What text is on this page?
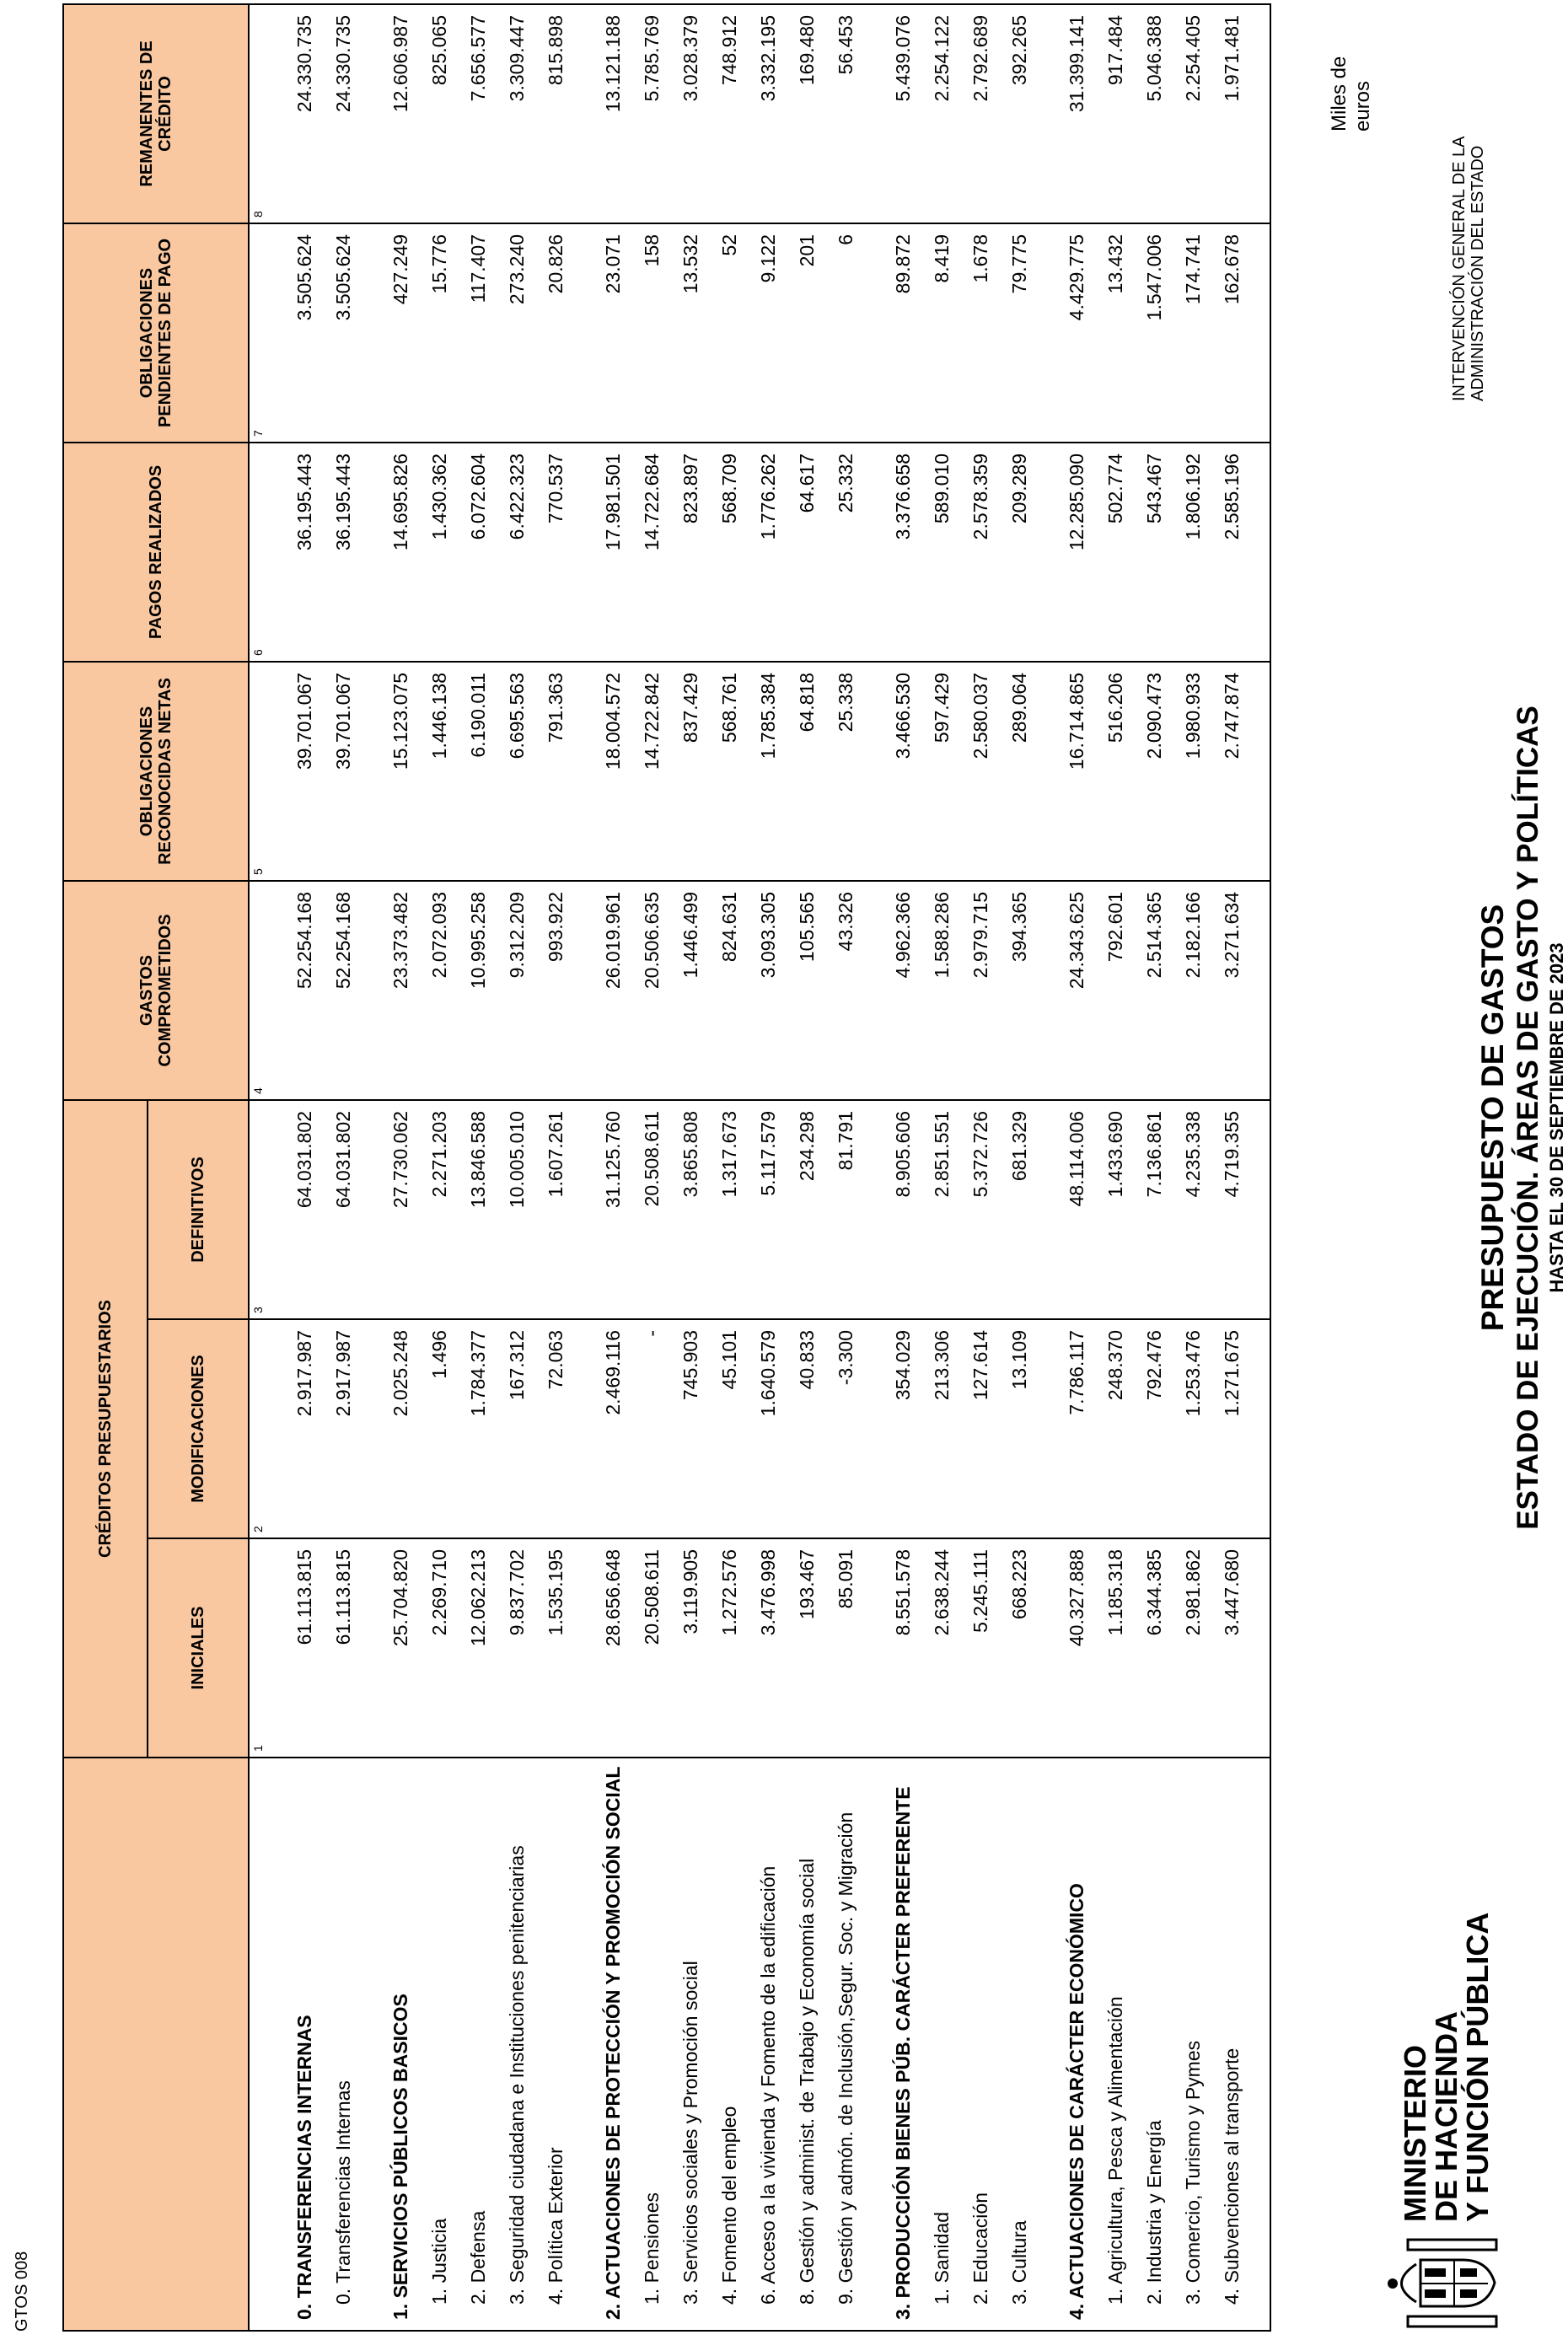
MINISTERIO
DE HACIENDA
Y FUNCIÓN PÚBLICA
PRESUPUESTO DE GASTOS ESTADO DE EJECUCIÓN. ÁREAS DE GASTO Y POLÍTICAS HASTA EL 30 DE SEPTIEMBRE DE 2023
INTERVENCIÓN GENERAL DE LA ADMINISTRACIÓN DEL ESTADO
Miles de euros
GTOS 008
	CRÉDITOS PRESUPUESTARIOS			GASTOS COMPROMETIDOS	OBLIGACIONES RECONOCIDAS NETAS	PAGOS REALIZADOS	OBLIGACIONES PENDIENTES DE PAGO	REMANENTES DE CRÉDITO
	INICIALES	MODIFICACIONES	DEFINITIVOS					
	1	2	3	4	5	6	7	8

0. TRANSFERENCIAS INTERNAS	61.113.815	2.917.987	64.031.802	52.254.168	39.701.067	36.195.443	3.505.624	24.330.735
0. Transferencias Internas	61.113.815	2.917.987	64.031.802	52.254.168	39.701.067	36.195.443	3.505.624	24.330.735

1. SERVICIOS PÚBLICOS BASICOS	25.704.820	2.025.248	27.730.062	23.373.482	15.123.075	14.695.826	427.249	12.606.987
1. Justicia	2.269.710	1.496	2.271.203	2.072.093	1.446.138	1.430.362	15.776	825.065
2. Defensa	12.062.213	1.784.377	13.846.588	10.995.258	6.190.011	6.072.604	117.407	7.656.577
3. Seguridad ciudadana e Instituciones penitenciarias	9.837.702	167.312	10.005.010	9.312.209	6.695.563	6.422.323	273.240	3.309.447
4. Política Exterior	1.535.195	72.063	1.607.261	993.922	791.363	770.537	20.826	815.898

2. ACTUACIONES DE PROTECCIÓN Y PROMOCIÓN SOCIAL	28.656.648	2.469.116	31.125.760	26.019.961	18.004.572	17.981.501	23.071	13.121.188
1. Pensiones	20.508.611	-	20.508.611	20.506.635	14.722.842	14.722.684	158	5.785.769
3. Servicios sociales y Promoción social	3.119.905	745.903	3.865.808	1.446.499	837.429	823.897	13.532	3.028.379
4. Fomento del empleo	1.272.576	45.101	1.317.673	824.631	568.761	568.709	52	748.912
6. Acceso a la vivienda y Fomento de la edificación	3.476.998	1.640.579	5.117.579	3.093.305	1.785.384	1.776.262	9.122	3.332.195
8. Gestión y administ. de Trabajo y Economía social	193.467	40.833	234.298	105.565	64.818	64.617	201	169.480
9. Gestión y admón. de Inclusión,Segur. Soc. y Migración	85.091	-3.300	81.791	43.326	25.338	25.332	6	56.453

3. PRODUCCIÓN BIENES PÚB. CARÁCTER PREFERENTE	8.551.578	354.029	8.905.606	4.962.366	3.466.530	3.376.658	89.872	5.439.076
1. Sanidad	2.638.244	213.306	2.851.551	1.588.286	597.429	589.010	8.419	2.254.122
2. Educación	5.245.111	127.614	5.372.726	2.979.715	2.580.037	2.578.359	1.678	2.792.689
3. Cultura	668.223	13.109	681.329	394.365	289.064	209.289	79.775	392.265

4. ACTUACIONES DE CARÁCTER ECONÓMICO	40.327.888	7.786.117	48.114.006	24.343.625	16.714.865	12.285.090	4.429.775	31.399.141
1. Agricultura, Pesca y Alimentación	1.185.318	248.370	1.433.690	792.601	516.206	502.774	13.432	917.484
2. Industria y Energía	6.344.385	792.476	7.136.861	2.514.365	2.090.473	543.467	1.547.006	5.046.388
3. Comercio, Turismo y Pymes	2.981.862	1.253.476	4.235.338	2.182.166	1.980.933	1.806.192	174.741	2.254.405
4. Subvenciones al transporte	3.447.680	1.271.675	4.719.355	3.271.634	2.747.874	2.585.196	162.678	1.971.481
